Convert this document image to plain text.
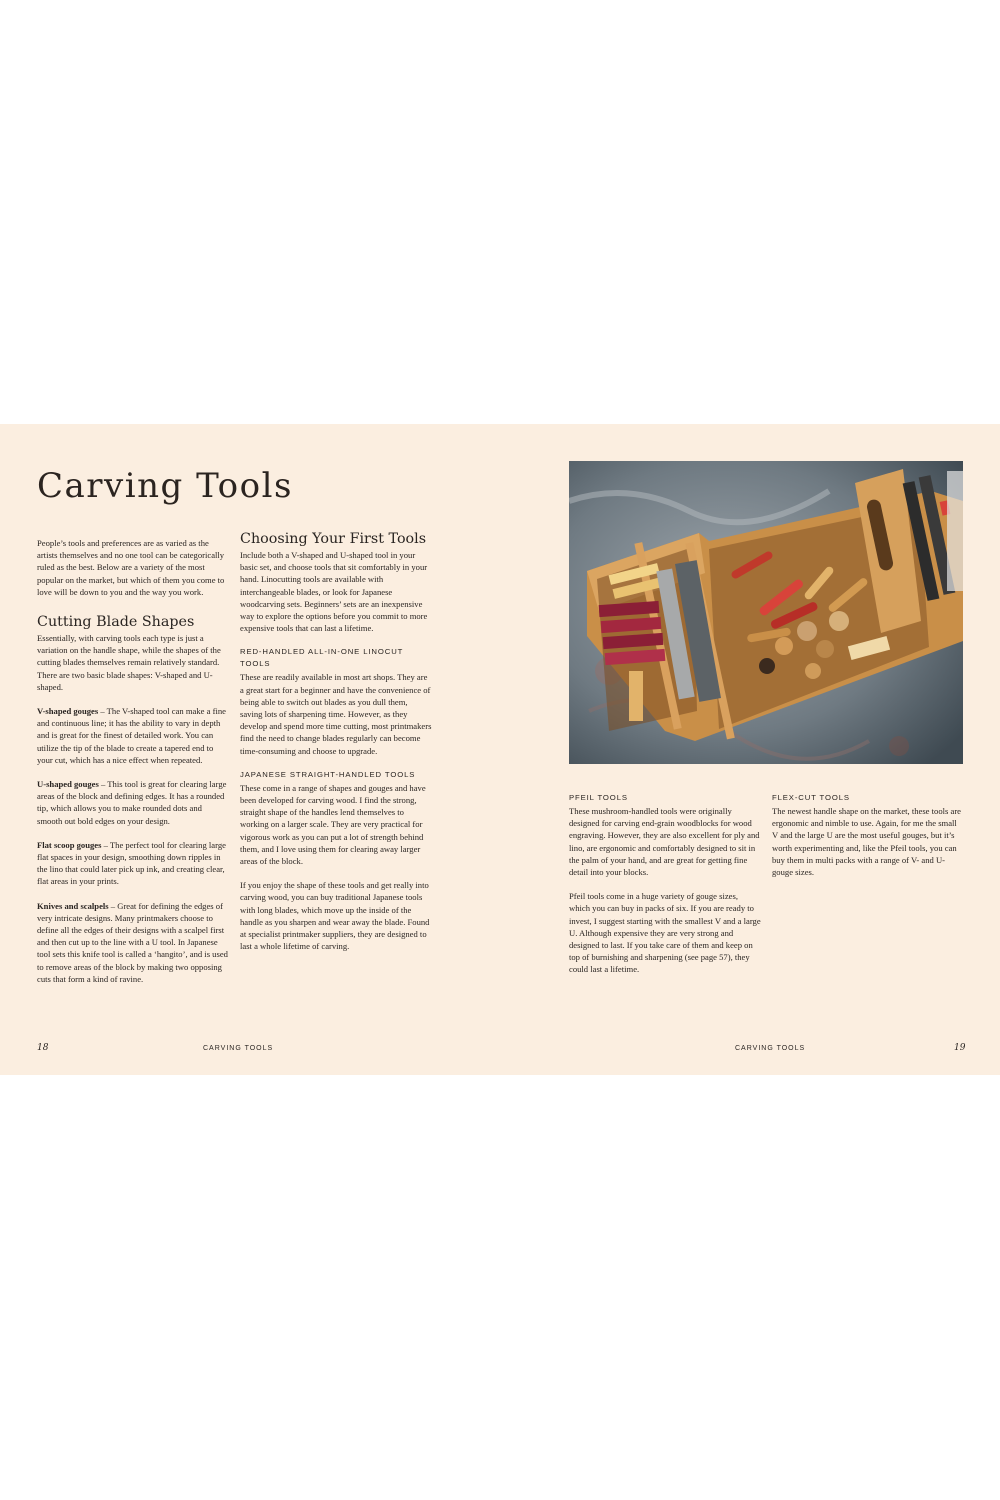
Carving Tools

People’s tools and preferences are as varied as the artists themselves and no one tool can be categorically ruled as the best. Below are a variety of the most popular on the market, but which of them you come to love will be down to you and the way you work.

Cutting Blade Shapes

Essentially, with carving tools each type is just a variation on the handle shape, while the shapes of the cutting blades themselves remain relatively standard. There are two basic blade shapes: V-shaped and U-shaped.

V-shaped gouges – The V-shaped tool can make a fine and continuous line; it has the ability to vary in depth and is great for the finest of detailed work. You can utilize the tip of the blade to create a tapered end to your cut, which has a nice effect when repeated.

U-shaped gouges – This tool is great for clearing large areas of the block and defining edges. It has a rounded tip, which allows you to make rounded dots and smooth out bold edges on your design.

Flat scoop gouges – The perfect tool for clearing large flat spaces in your design, smoothing down ripples in the lino that could later pick up ink, and creating clear, flat areas in your prints.

Knives and scalpels – Great for defining the edges of very intricate designs. Many printmakers choose to define all the edges of their designs with a scalpel first and then cut up to the line with a U tool. In Japanese tool sets this knife tool is called a ‘hangito’, and is used to remove areas of the block by making two opposing cuts that form a kind of ravine.

Choosing Your First Tools

Include both a V-shaped and U-shaped tool in your basic set, and choose tools that sit comfortably in your hand. Linocutting tools are available with interchangeable blades, or look for Japanese woodcarving sets. Beginners’ sets are an inexpensive way to explore the options before you commit to more expensive tools that can last a lifetime.

RED-HANDLED ALL-IN-ONE LINOCUT TOOLS

These are readily available in most art shops. They are a great start for a beginner and have the convenience of being able to switch out blades as you dull them, saving lots of sharpening time. However, as they develop and spend more time cutting, most printmakers find the need to change blades regularly can become time-consuming and choose to upgrade.

JAPANESE STRAIGHT-HANDLED TOOLS

These come in a range of shapes and gouges and have been developed for carving wood. I find the strong, straight shape of the handles lend themselves to working on a larger scale. They are very practical for vigorous work as you can put a lot of strength behind them, and I love using them for clearing away larger areas of the block.

If you enjoy the shape of these tools and get really into carving wood, you can buy traditional Japanese tools with long blades, which move up the inside of the handle as you sharpen and wear away the blade. Found at specialist printmaker suppliers, they are designed to last a whole lifetime of carving.

PFEIL TOOLS

These mushroom-handled tools were originally designed for carving end-grain woodblocks for wood engraving. However, they are also excellent for ply and lino, are ergonomic and comfortably designed to sit in the palm of your hand, and are great for getting fine detail into your blocks.

Pfeil tools come in a huge variety of gouge sizes, which you can buy in packs of six. If you are ready to invest, I suggest starting with the smallest V and a large U. Although expensive they are very strong and designed to last. If you take care of them and keep on top of burnishing and sharpening (see page 57), they could last a lifetime.

FLEX-CUT TOOLS

The newest handle shape on the market, these tools are ergonomic and nimble to use. Again, for me the small V and the large U are the most useful gouges, but it’s worth experimenting and, like the Pfeil tools, you can buy them in multi packs with a range of V- and U-gouge sizes.

18	CARVING TOOLS	CARVING TOOLS	19
